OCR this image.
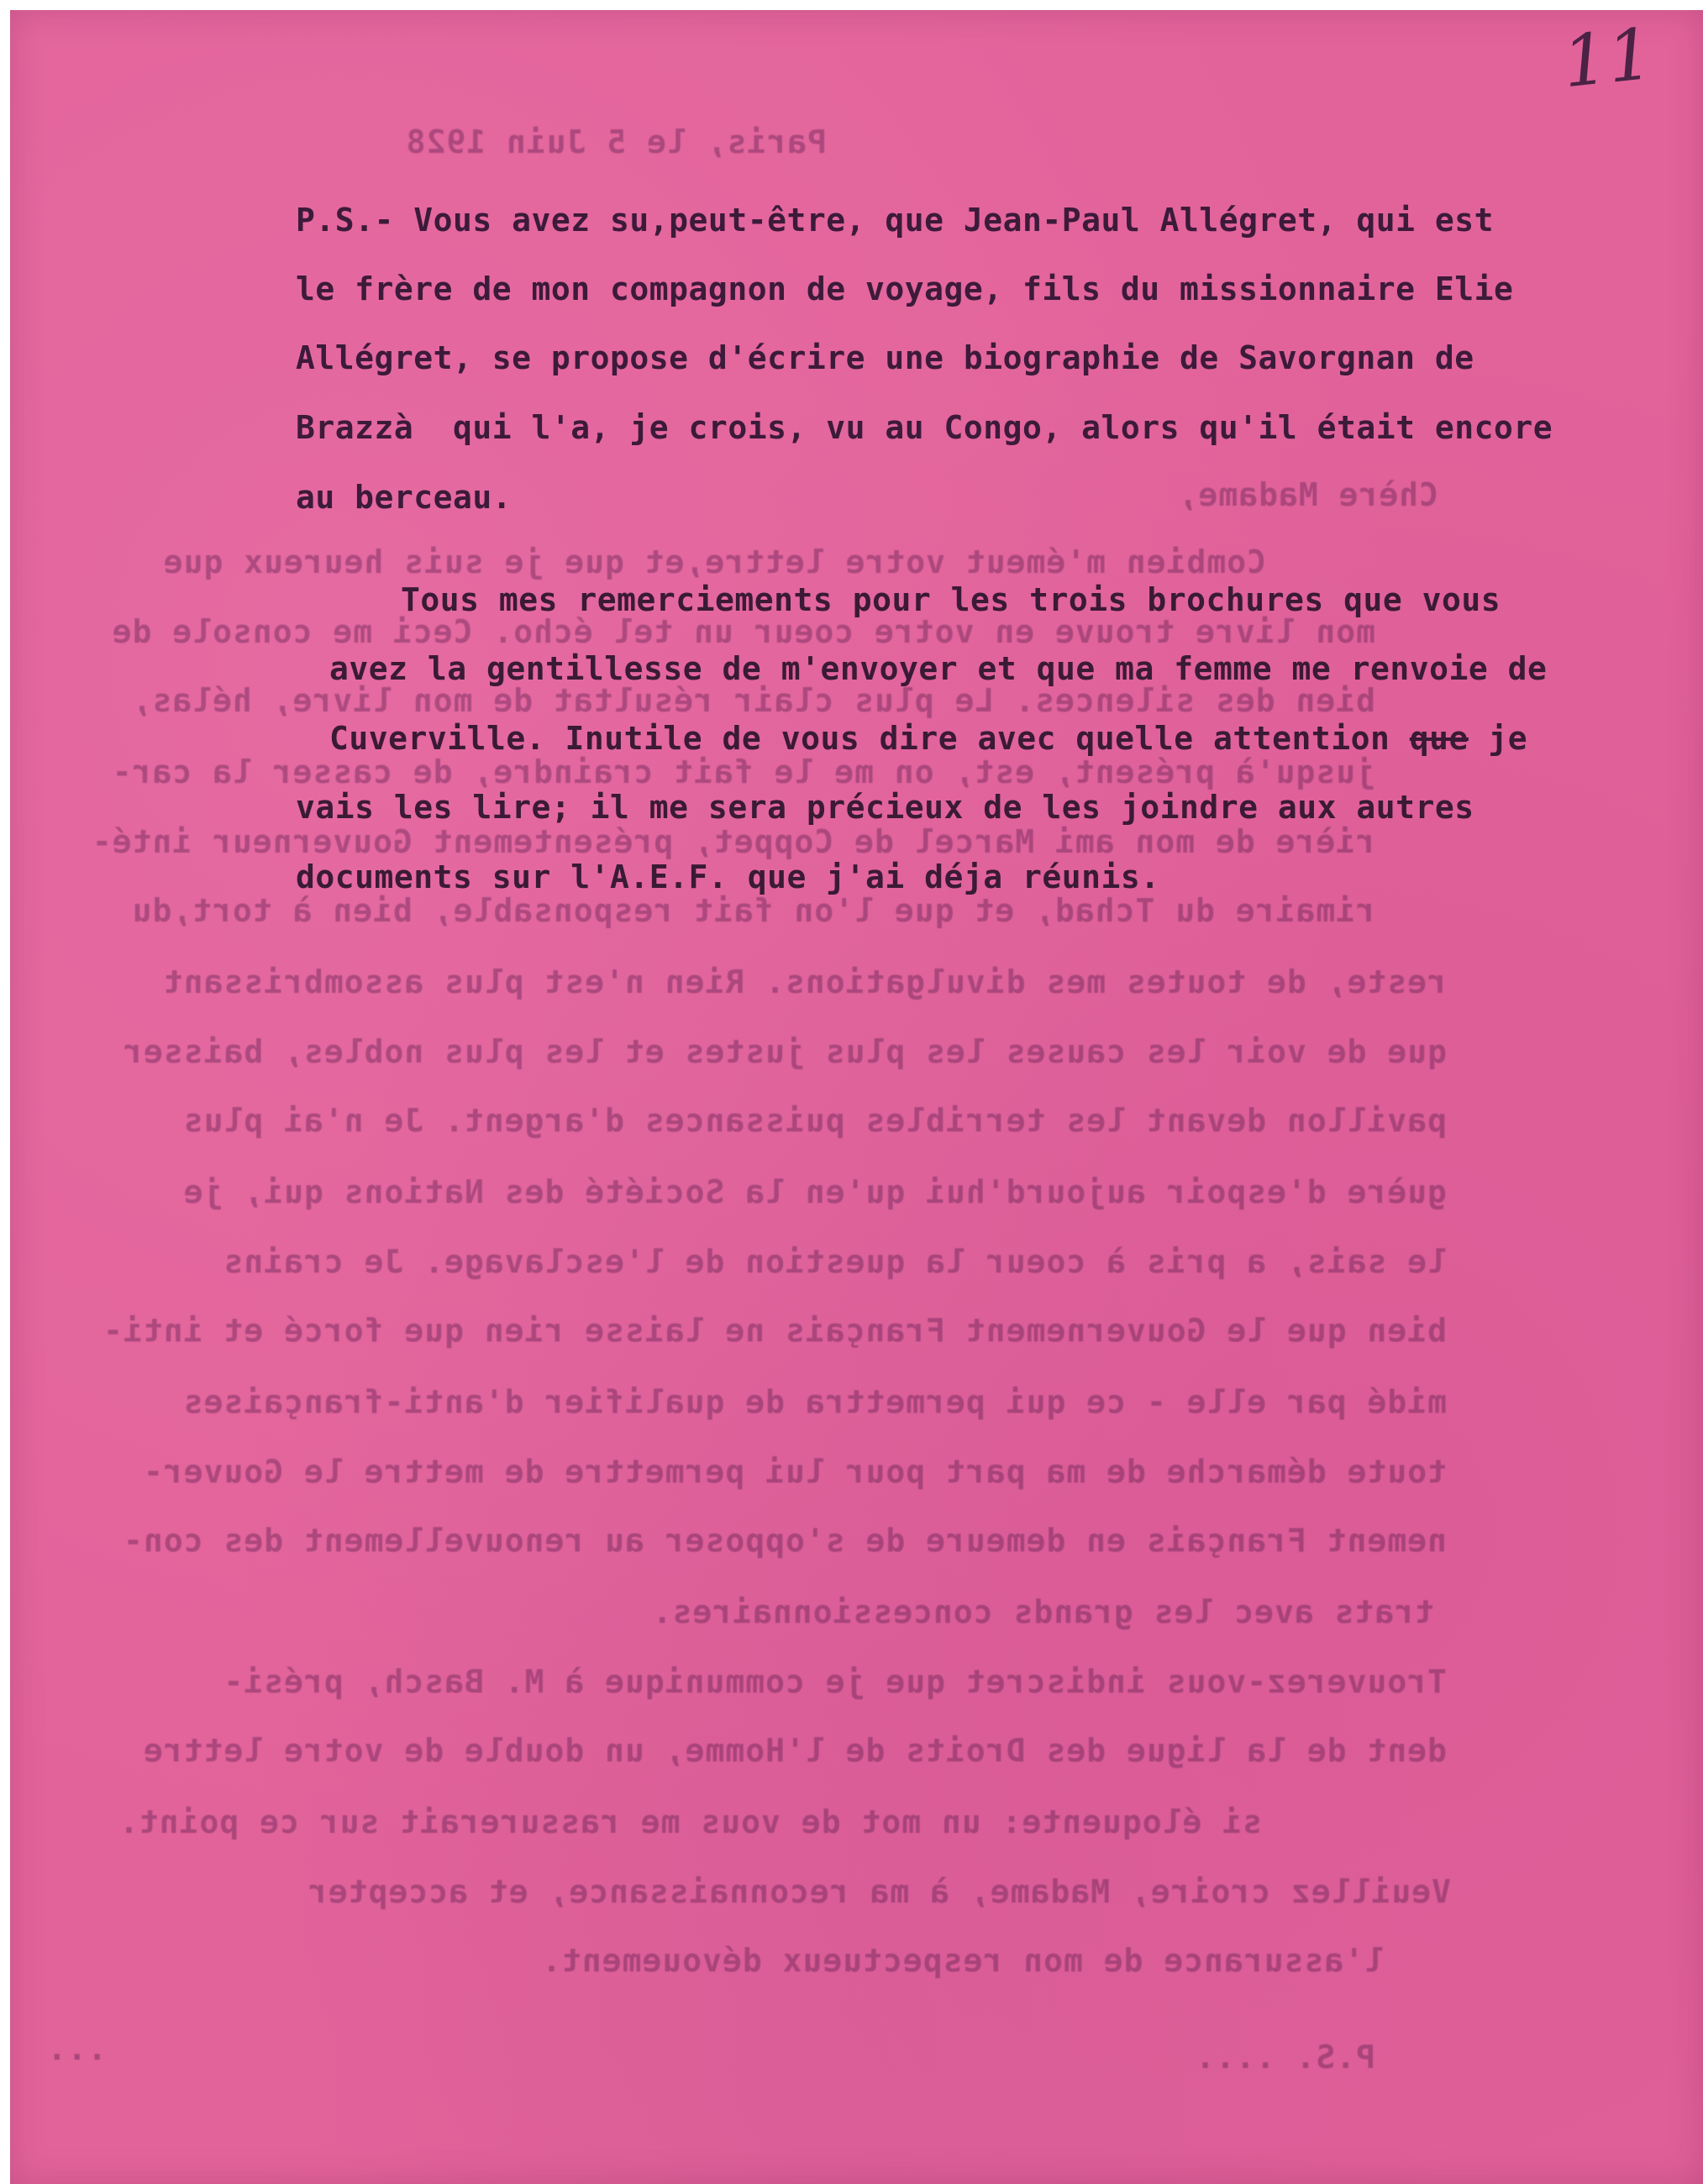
11
Paris, le 5 Juin 1928
Chère Madame,
Combien m'émeut votre lettre,et que je suis heureux que
mon livre trouve en votre coeur un tel écho. Ceci me console de
bien des silences. Le plus clair résultat de mon livre, hélas,
jusqu'à présent, est, on me le fait craindre, de casser la car-
rière de mon ami Marcel de Coppet, présentement Gouverneur inté-
rimaire du Tchad, et que l'on fait responsable, bien à tort,du
reste, de toutes mes divulgations. Rien n'est plus assombrissant
que de voir les causes les plus justes et les plus nobles, baisser
pavillon devant les terribles puissances d'argent. Je n'ai plus
guère d'espoir aujourd'hui qu'en la Société des Nations qui, je
le sais, a pris à coeur la question de l'esclavage. Je crains
bien que le Gouvernement Français ne laisse rien que forcé et inti-
midé par elle - ce qui permettra de qualifier d'anti-françaises
toute démarche de ma part pour lui permettre de mettre le Gouver-
nement Français en demeure de s'opposer au renouvellement des con-
trats avec les grands concessionnaires.
Trouverez-vous indiscret que je communique à M. Basch, prési-
dent de la ligue des Droits de l'Homme, un double de votre lettre
si éloquente: un mot de vous me rassurerait sur ce point.
Veuillez croire, Madame, à ma reconnaissance, et accepter
l'assurance de mon respectueux dévouement.
P.S. ....
...
P.S.- Vous avez su,peut-être, que Jean-Paul Allégret, qui est
le frère de mon compagnon de voyage, fils du missionnaire Elie
Allégret, se propose d'écrire une biographie de Savorgnan de
Brazzà  qui l'a, je crois, vu au Congo, alors qu'il était encore
au berceau.
Tous mes remerciements pour les trois brochures que vous
avez la gentillesse de m'envoyer et que ma femme me renvoie de
Cuverville. Inutile de vous dire avec quelle attention que je
vais les lire; il me sera précieux de les joindre aux autres
documents sur l'A.E.F. que j'ai déja réunis.
